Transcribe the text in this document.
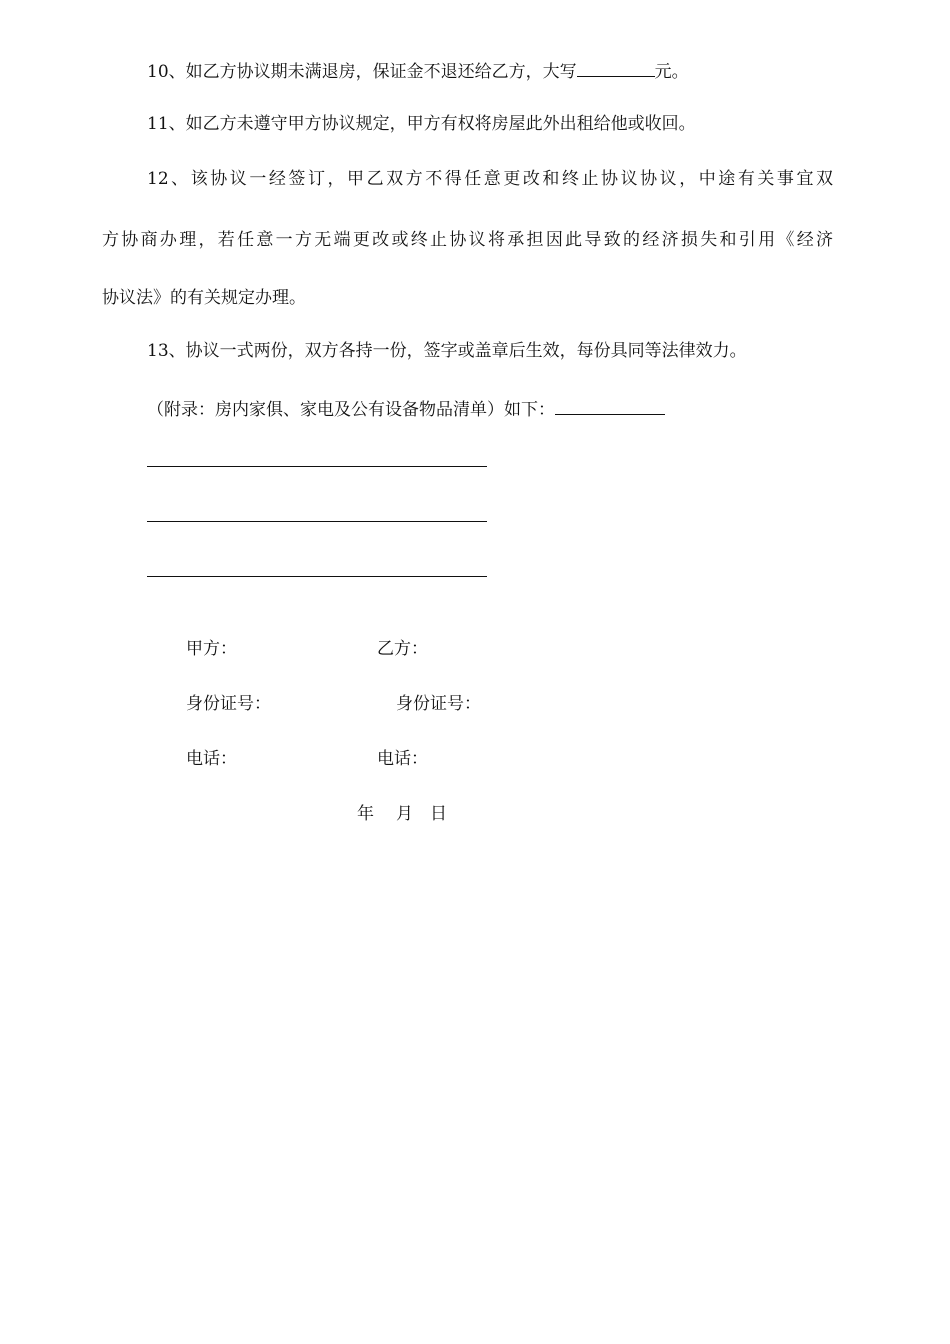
10、如乙方协议期未满退房，保证金不退还给乙方，大写	元。
11、如乙方未遵守甲方协议规定，甲方有权将房屋此外出租给他或收回。
12、该协议一经签订，甲乙双方不得任意更改和终止协议协议，中途有关事宜双
方协商办理，若任意一方无端更改或终止协议将承担因此导致的经济损失和引用《经济
协议法》的有关规定办理。
13、协议一式两份，双方各持一份，签字或盖章后生效，每份具同等法律效力。
（附录：房内家俱、家电及公有设备物品清单）如下：
甲方：	乙方：
身份证号：	身份证号：
电话：	电话：
年 月 日
